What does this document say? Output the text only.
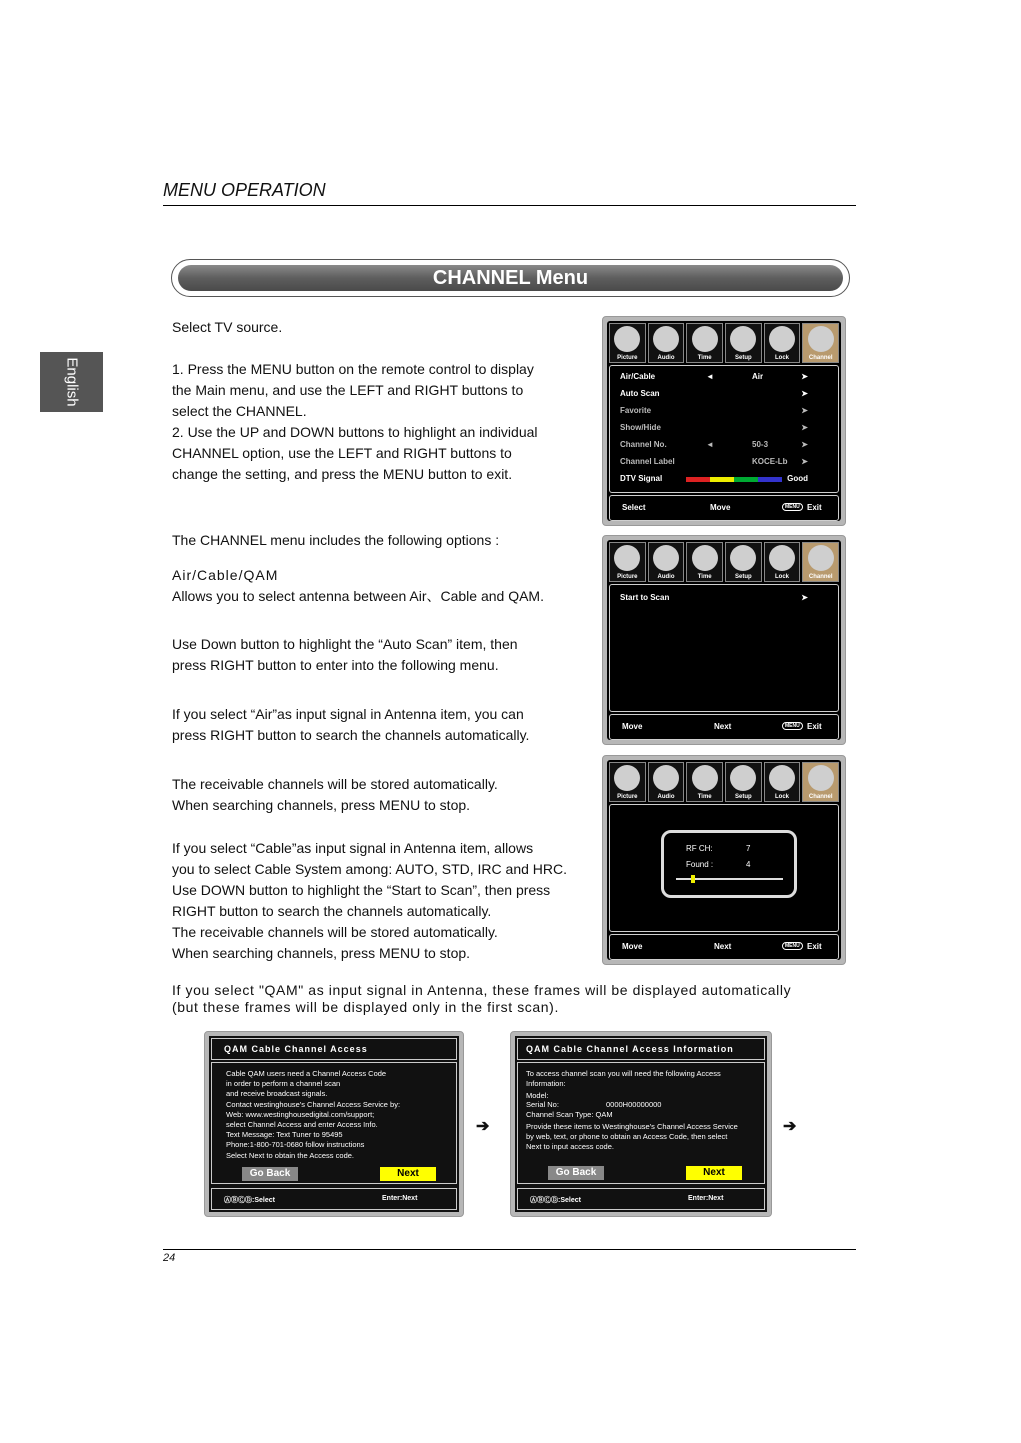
MENU OPERATION
English
CHANNEL Menu

Select TV source.

1. Press the MENU button on the remote control to display

the Main menu, and use the LEFT and RIGHT buttons to

select the CHANNEL.

2. Use the UP and DOWN buttons to highlight an individual

CHANNEL option, use the LEFT and RIGHT buttons to

change the setting, and press the MENU button to exit.

The CHANNEL menu includes the following options :

Air/Cable/QAM

Allows you to select antenna between Air、Cable and QAM.

Use Down button to highlight the “Auto Scan” item, then

press RIGHT button to enter into the following menu.

If you select “Air”as input signal in Antenna item, you can

press RIGHT button to search the channels automatically.

The receivable channels will be stored automatically.

When searching channels, press MENU to stop.

If you select “Cable”as input signal in Antenna item, allows

you to select Cable System among: AUTO, STD, IRC and HRC.

Use DOWN button to highlight the “Start to Scan”, then press

RIGHT button to search the channels automatically.

The receivable channels will be stored automatically.

When searching channels, press MENU to stop.

If you select "QAM" as input signal in Antenna, these frames will be displayed automatically
(but these frames will be displayed only in the first scan).
Picture	Audio	Time	Setup	Lock	Channel
Air/Cable	◄	Air	➤
Auto Scan	➤
Favorite	➤
Show/Hide	➤
Channel No.	◄	50-3	➤
Channel Label	KOCE-Lb ➤
DTV Signal	Good
Select	Move	MENU Exit
Picture	Audio	Time	Setup	Lock	Channel
Start to Scan	➤
Move	Next	MENU Exit
Picture	Audio	Time	Setup	Lock	Channel
RF CH:	7
Found :	4
Move	Next	MENU Exit
QAM Cable Channel Access

Cable QAM users need a Channel Access Code
in order to perform a channel scan
and receive broadcast signals.

Contact westinghouse's Channel Access Service by:
Web: www.westinghousedigital.com/support;
select Channel Access and enter Access Info.
Text Message: Text Tuner to 95495
Phone:1-800-701-0680 follow instructions

Select Next to obtain the Access code.

Go Back	Next
ⒶⒷⒸⒹ:Select	Enter:Next
➔
QAM Cable Channel Access Information

To access channel scan you will need the following Access
Information:

Model:

Serial No:	0000H00000000

Channel Scan Type: QAM

Provide these items to Westinghouse's Channel Access Service
by web, text, or phone to obtain an Access Code, then select
Next to input access code.

Go Back	Next
ⒶⒷⒸⒹ:Select	Enter:Next
➔
24
